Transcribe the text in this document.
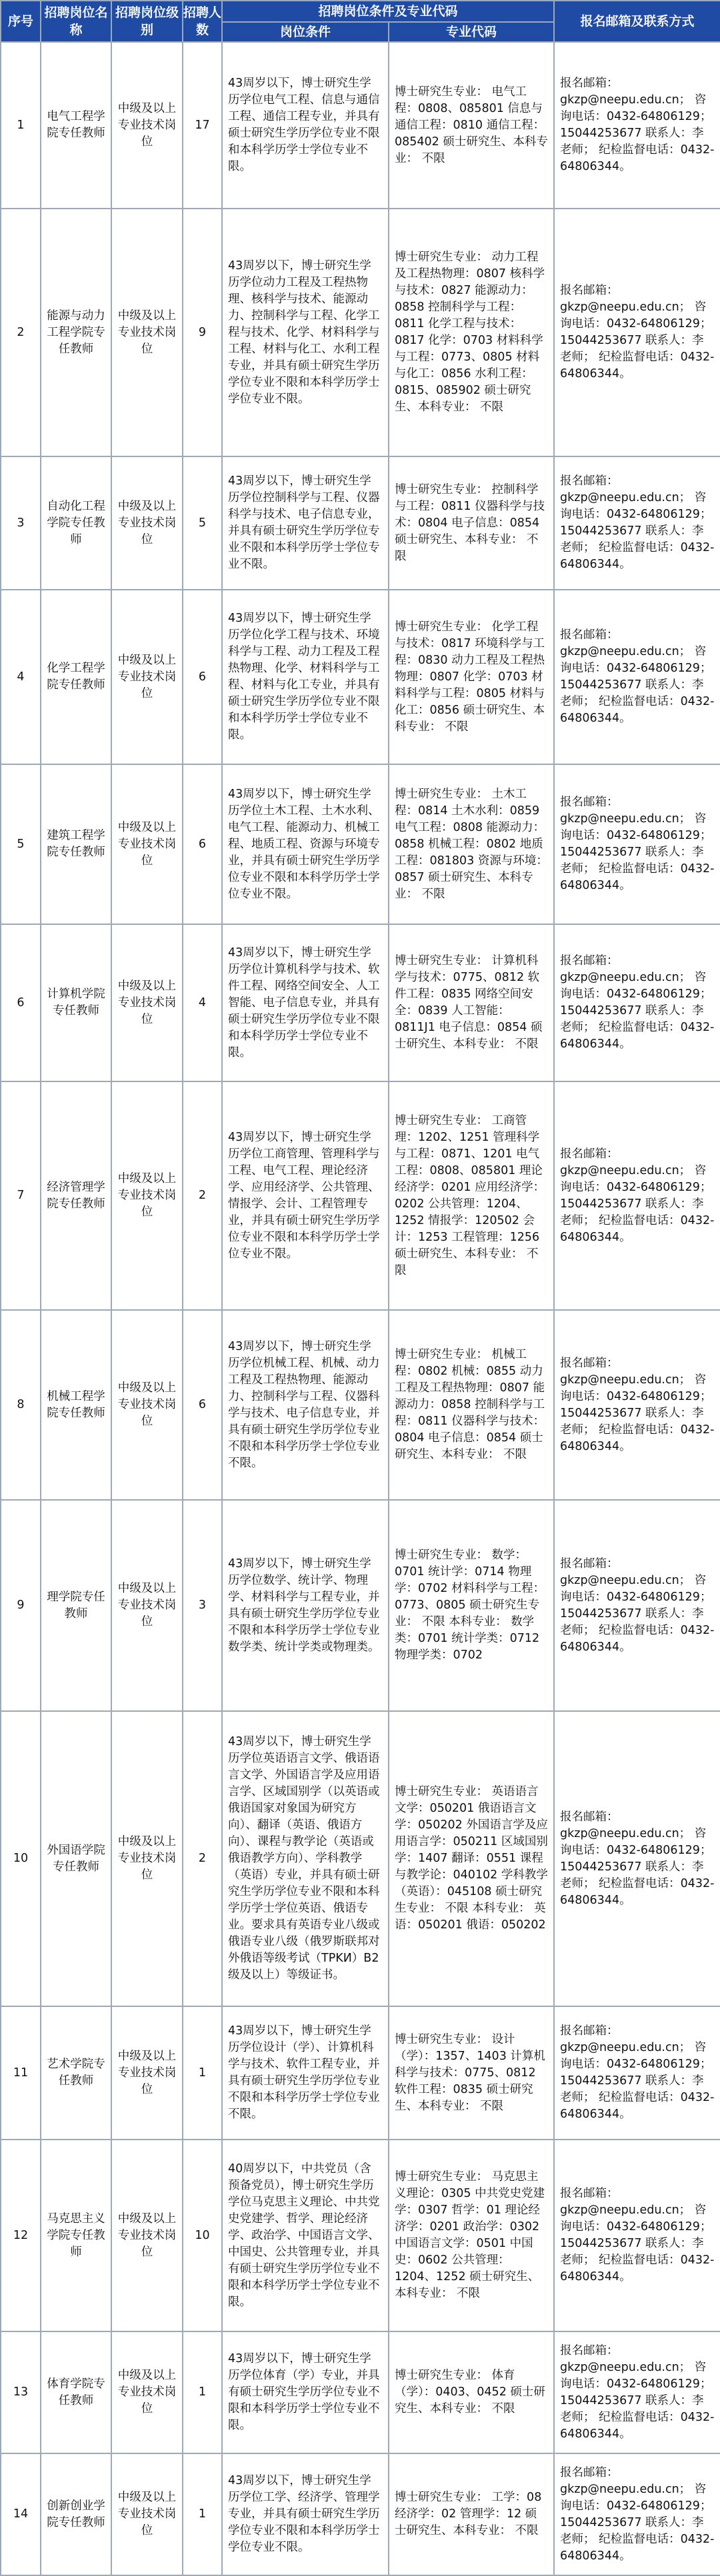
序号	招聘岗位名称	招聘岗位级别	招聘人数	招聘岗位条件及专业代码		报名邮箱及联系方式
				岗位条件	专业代码	
1	电气工程学院专任教师	中级及以上专业技术岗位	17	43周岁以下，博士研究生学历学位电气工程、信息与通信工程、通信工程专业，并具有硕士研究生学历学位专业不限和本科学历学士学位专业不限。	博士研究生专业： 电气工程：0808、085801 信息与通信工程：0810 通信工程：085402 硕士研究生、本科专业： 不限	报名邮箱： gkzp@neepu.edu.cn； 咨询电话：0432-64806129；15044253677 联系人：李老师； 纪检监督电话：0432-64806344。
2	能源与动力工程学院专任教师	中级及以上专业技术岗位	9	43周岁以下，博士研究生学历学位动力工程及工程热物理、核科学与技术、能源动力、控制科学与工程、化学工程与技术、化学、材料科学与工程、材料与化工、水利工程专业，并具有硕士研究生学历学位专业不限和本科学历学士学位专业不限。	博士研究生专业： 动力工程及工程热物理：0807 核科学与技术：0827 能源动力：0858 控制科学与工程：0811 化学工程与技术：0817 化学：0703 材料科学与工程：0773、0805 材料与化工：0856 水利工程：0815、085902 硕士研究生、本科专业： 不限	报名邮箱： gkzp@neepu.edu.cn； 咨询电话：0432-64806129；15044253677 联系人：李老师； 纪检监督电话：0432-64806344。
3	自动化工程学院专任教师	中级及以上专业技术岗位	5	43周岁以下，博士研究生学历学位控制科学与工程、仪器科学与技术、电子信息专业，并具有硕士研究生学历学位专业不限和本科学历学士学位专业不限。	博士研究生专业： 控制科学与工程：0811 仪器科学与技术：0804 电子信息：0854 硕士研究生、本科专业： 不限	报名邮箱： gkzp@neepu.edu.cn； 咨询电话：0432-64806129；15044253677 联系人：李老师； 纪检监督电话：0432-64806344。
4	化学工程学院专任教师	中级及以上专业技术岗位	6	43周岁以下，博士研究生学历学位化学工程与技术、环境科学与工程、动力工程及工程热物理、化学、材料科学与工程、材料与化工专业，并具有硕士研究生学历学位专业不限和本科学历学士学位专业不限。	博士研究生专业： 化学工程与技术：0817 环境科学与工程：0830 动力工程及工程热物理：0807 化学：0703 材料科学与工程：0805 材料与化工：0856 硕士研究生、本科专业： 不限	报名邮箱： gkzp@neepu.edu.cn； 咨询电话：0432-64806129；15044253677 联系人：李老师； 纪检监督电话：0432-64806344。
5	建筑工程学院专任教师	中级及以上专业技术岗位	6	43周岁以下，博士研究生学历学位土木工程、土木水利、电气工程、能源动力、机械工程、地质工程、资源与环境专业，并具有硕士研究生学历学位专业不限和本科学历学士学位专业不限。	博士研究生专业： 土木工程：0814 土木水利：0859 电气工程：0808 能源动力：0858 机械工程：0802 地质工程：081803 资源与环境：0857 硕士研究生、本科专业： 不限	报名邮箱： gkzp@neepu.edu.cn； 咨询电话：0432-64806129；15044253677 联系人：李老师； 纪检监督电话：0432-64806344。
6	计算机学院专任教师	中级及以上专业技术岗位	4	43周岁以下，博士研究生学历学位计算机科学与技术、软件工程、网络空间安全、人工智能、电子信息专业，并具有硕士研究生学历学位专业不限和本科学历学士学位专业不限。	博士研究生专业： 计算机科学与技术：0775、0812 软件工程：0835 网络空间安全：0839 人工智能：0811J1 电子信息：0854 硕士研究生、本科专业： 不限	报名邮箱： gkzp@neepu.edu.cn； 咨询电话：0432-64806129；15044253677 联系人：李老师； 纪检监督电话：0432-64806344。
7	经济管理学院专任教师	中级及以上专业技术岗位	2	43周岁以下，博士研究生学历学位工商管理、管理科学与工程、电气工程、理论经济学、应用经济学、公共管理、情报学、会计、工程管理专业，并具有硕士研究生学历学位专业不限和本科学历学士学位专业不限。	博士研究生专业： 工商管理：1202、1251 管理科学与工程：0871、1201 电气工程：0808、085801 理论经济学：0201 应用经济学：0202 公共管理：1204、1252 情报学：120502 会计：1253 工程管理：1256 硕士研究生、本科专业： 不限	报名邮箱： gkzp@neepu.edu.cn； 咨询电话：0432-64806129；15044253677 联系人：李老师； 纪检监督电话：0432-64806344。
8	机械工程学院专任教师	中级及以上专业技术岗位	6	43周岁以下，博士研究生学历学位机械工程、机械、动力工程及工程热物理、能源动力、控制科学与工程、仪器科学与技术、电子信息专业，并具有硕士研究生学历学位专业不限和本科学历学士学位专业不限。	博士研究生专业： 机械工程：0802 机械：0855 动力工程及工程热物理：0807 能源动力：0858 控制科学与工程：0811 仪器科学与技术：0804 电子信息：0854 硕士研究生、本科专业： 不限	报名邮箱： gkzp@neepu.edu.cn； 咨询电话：0432-64806129；15044253677 联系人：李老师； 纪检监督电话：0432-64806344。
9	理学院专任教师	中级及以上专业技术岗位	3	43周岁以下，博士研究生学历学位数学、统计学、物理学、材料科学与工程专业，并具有硕士研究生学历学位专业不限和本科学历学士学位专业数学类、统计学类或物理类。	博士研究生专业： 数学：0701 统计学：0714 物理学：0702 材料科学与工程：0773、0805 硕士研究生专业： 不限 本科专业： 数学类：0701 统计学类：0712 物理学类：0702	报名邮箱： gkzp@neepu.edu.cn； 咨询电话：0432-64806129；15044253677 联系人：李老师； 纪检监督电话：0432-64806344。
10	外国语学院专任教师	中级及以上专业技术岗位	2	43周岁以下，博士研究生学历学位英语语言文学、俄语语言文学、外国语言学及应用语言学、区域国别学（以英语或俄语国家对象国为研究方向）、翻译（英语、俄语方向）、课程与教学论（英语或俄语教学方向）、学科教学（英语）专业，并具有硕士研究生学历学位专业不限和本科学历学士学位英语、俄语专业。要求具有英语专业八级或俄语专业八级（俄罗斯联邦对外俄语等级考试（TPKИ）B2级及以上）等级证书。	博士研究生专业： 英语语言文学：050201 俄语语言文学：050202 外国语言学及应用语言学：050211 区域国别学：1407 翻译：0551 课程与教学论：040102 学科教学（英语）：045108 硕士研究生专业： 不限 本科专业： 英语：050201 俄语：050202	报名邮箱： gkzp@neepu.edu.cn； 咨询电话：0432-64806129；15044253677 联系人：李老师； 纪检监督电话：0432-64806344。
11	艺术学院专任教师	中级及以上专业技术岗位	1	43周岁以下，博士研究生学历学位设计（学）、计算机科学与技术、软件工程专业，并具有硕士研究生学历学位专业不限和本科学历学士学位专业不限。	博士研究生专业： 设计（学）：1357、1403 计算机科学与技术：0775、0812 软件工程：0835 硕士研究生、本科专业： 不限	报名邮箱： gkzp@neepu.edu.cn； 咨询电话：0432-64806129；15044253677 联系人：李老师； 纪检监督电话：0432-64806344。
12	马克思主义学院专任教师	中级及以上专业技术岗位	10	40周岁以下，中共党员（含预备党员），博士研究生学历学位马克思主义理论、中共党史党建学、哲学、理论经济学、政治学、中国语言文学、中国史、公共管理专业，并具有硕士研究生学历学位专业不限和本科学历学士学位专业不限。	博士研究生专业： 马克思主义理论：0305 中共党史党建学：0307 哲学：01 理论经济学：0201 政治学：0302 中国语言文学：0501 中国史：0602 公共管理：1204、1252 硕士研究生、本科专业： 不限	报名邮箱： gkzp@neepu.edu.cn； 咨询电话：0432-64806129；15044253677 联系人：李老师； 纪检监督电话：0432-64806344。
13	体育学院专任教师	中级及以上专业技术岗位	1	43周岁以下，博士研究生学历学位体育（学）专业，并具有硕士研究生学历学位专业不限和本科学历学士学位专业不限。	博士研究生专业： 体育（学）：0403、0452 硕士研究生、本科专业： 不限	报名邮箱： gkzp@neepu.edu.cn； 咨询电话：0432-64806129；15044253677 联系人：李老师； 纪检监督电话：0432-64806344。
14	创新创业学院专任教师	中级及以上专业技术岗位	1	43周岁以下，博士研究生学历学位工学、经济学、管理学专业，并具有硕士研究生学历学位专业不限和本科学历学士学位专业不限。	博士研究生专业： 工学：08 经济学：02 管理学：12 硕士研究生、本科专业： 不限	报名邮箱： gkzp@neepu.edu.cn； 咨询电话：0432-64806129；15044253677 联系人：李老师； 纪检监督电话：0432-64806344。
